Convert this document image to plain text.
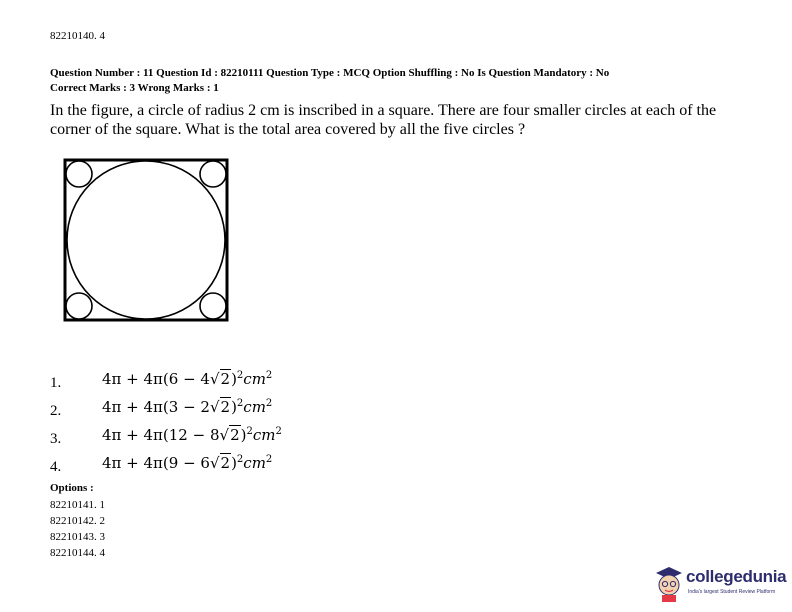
82210140. 4
Question Number : 11 Question Id : 82210111 Question Type : MCQ Option Shuffling : No Is Question Mandatory : No
Correct Marks : 3 Wrong Marks : 1
In the figure, a circle of radius 2 cm is inscribed in a square. There are four smaller circles at each of the corner of the square. What is the total area covered by all the five circles ?
1.	$4\pi + 4\pi(6 - 4√2)^2cm^2$
2.	$4\pi + 4\pi(3 - 2√2)^2cm^2$
3.	$4\pi + 4\pi(12 - 8√2)^2cm^2$
4.	$4\pi + 4\pi(9 - 6√2)^2cm^2$
Options :
82210141. 1
82210142. 2
82210143. 3
82210144. 4
collegedunia
India's largest Student Review Platform
